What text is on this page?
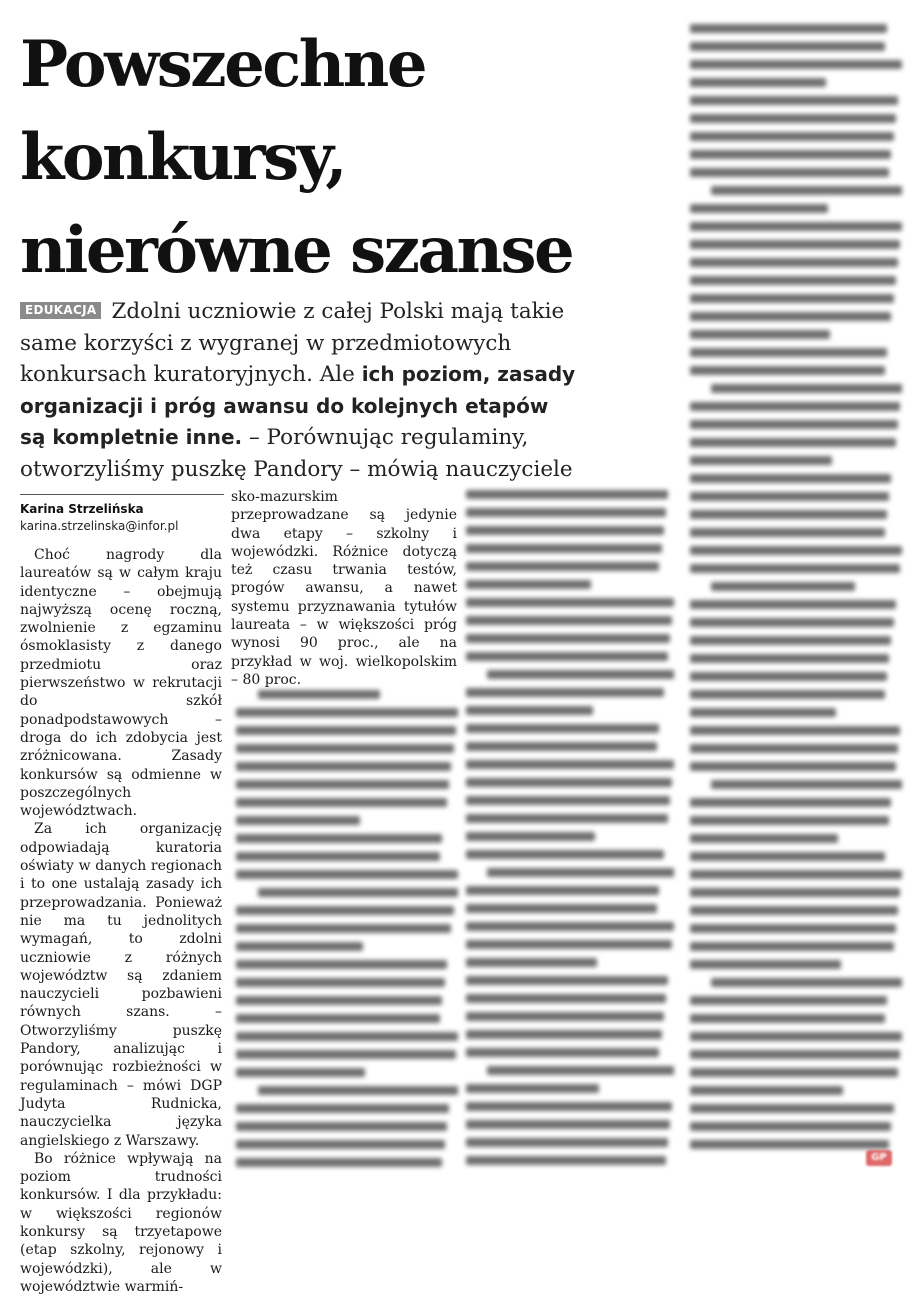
Powszechne
konkursy,
nierówne szanse
EDUKACJA Zdolni uczniowie z całej Polski mają takie
same korzyści z wygranej w przedmiotowych
konkursach kuratoryjnych. Ale ich poziom, zasady
organizacji i próg awansu do kolejnych etapów
są kompletnie inne. – Porównując regulaminy,
otworzyliśmy puszkę Pandory – mówią nauczyciele
Karina Strzelińska
karina.strzelinska@infor.pl

Choć nagrody dla laureatów są w całym kraju identyczne – obejmują najwyższą ocenę roczną, zwolnienie z egzaminu ósmoklasisty z danego przedmiotu oraz pierwszeństwo w rekrutacji do szkół ponadpodstawowych – droga do ich zdobycia jest zróżnicowana. Zasady konkursów są odmienne w poszczególnych województwach.

Za ich organizację odpowiadają kuratoria oświaty w danych regionach i to one ustalają zasady ich przeprowadzania. Ponieważ nie ma tu jednolitych wymagań, to zdolni uczniowie z różnych województw są zdaniem nauczycieli pozbawieni równych szans. – Otworzyliśmy puszkę Pandory, analizując i porównując rozbieżności w regulaminach – mówi DGP Judyta Rudnicka, nauczycielka języka angielskiego z Warszawy.

Bo różnice wpływają na poziom trudności konkursów. I dla przykładu: w większości regionów konkursy są trzyetapowe (etap szkolny, rejonowy i wojewódzki), ale w województwie warmiń-

sko-mazurskim przeprowadzane są jedynie dwa etapy – szkolny i wojewódzki. Różnice dotyczą też czasu trwania testów, progów awansu, a nawet systemu przyznawania tytułów laureata – w większości próg wynosi 90 proc., ale na przykład w woj. wielkopolskim – 80 proc.

GP
